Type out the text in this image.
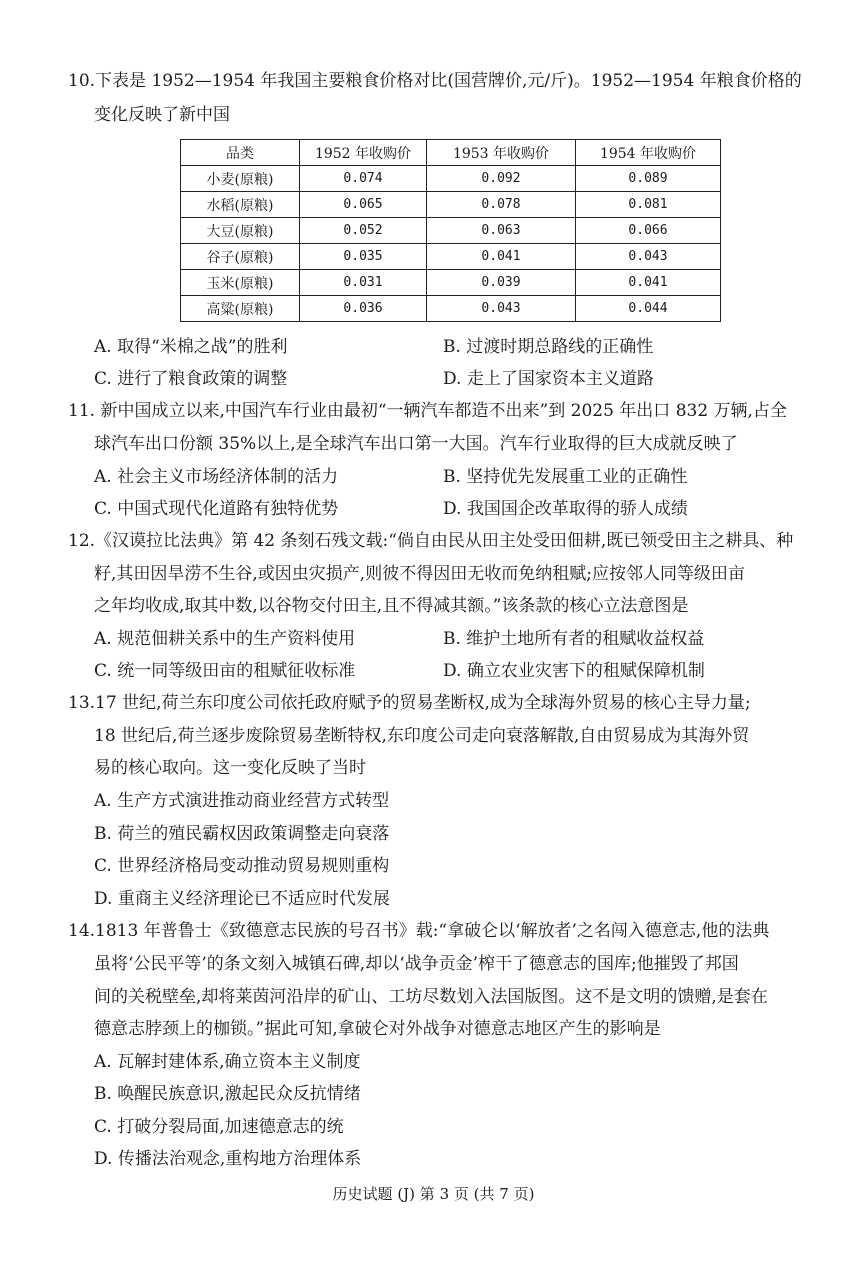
10.下表是 1952—1954 年我国主要粮食价格对比(国营牌价,元/斤)。1952—1954 年粮食价格的
变化反映了新中国
品类	1952 年收购价	1953 年收购价	1954 年收购价
小麦(原粮)	0.074	0.092	0.089
水稻(原粮)	0.065	0.078	0.081
大豆(原粮)	0.052	0.063	0.066
谷子(原粮)	0.035	0.041	0.043
玉米(原粮)	0.031	0.039	0.041
高粱(原粮)	0.036	0.043	0.044
A. 取得“米棉之战”的胜利	B. 过渡时期总路线的正确性
C. 进行了粮食政策的调整	D. 走上了国家资本主义道路
11. 新中国成立以来,中国汽车行业由最初“一辆汽车都造不出来”到 2025 年出口 832 万辆,占全
球汽车出口份额 35%以上,是全球汽车出口第一大国。汽车行业取得的巨大成就反映了
A. 社会主义市场经济体制的活力	B. 坚持优先发展重工业的正确性
C. 中国式现代化道路有独特优势	D. 我国国企改革取得的骄人成绩
12.《汉谟拉比法典》第 42 条刻石残文载:“倘自由民从田主处受田佃耕,既已领受田主之耕具、种
籽,其田因旱涝不生谷,或因虫灾损产,则彼不得因田无收而免纳租赋;应按邻人同等级田亩
之年均收成,取其中数,以谷物交付田主,且不得减其额。”该条款的核心立法意图是
A. 规范佃耕关系中的生产资料使用	B. 维护土地所有者的租赋收益权益
C. 统一同等级田亩的租赋征收标准	D. 确立农业灾害下的租赋保障机制
13.17 世纪,荷兰东印度公司依托政府赋予的贸易垄断权,成为全球海外贸易的核心主导力量;
18 世纪后,荷兰逐步废除贸易垄断特权,东印度公司走向衰落解散,自由贸易成为其海外贸
易的核心取向。这一变化反映了当时
A. 生产方式演进推动商业经营方式转型
B. 荷兰的殖民霸权因政策调整走向衰落
C. 世界经济格局变动推动贸易规则重构
D. 重商主义经济理论已不适应时代发展
14.1813 年普鲁士《致德意志民族的号召书》载:“拿破仑以‘解放者’之名闯入德意志,他的法典
虽将‘公民平等’的条文刻入城镇石碑,却以‘战争贡金’榨干了德意志的国库;他摧毁了邦国
间的关税壁垒,却将莱茵河沿岸的矿山、工坊尽数划入法国版图。这不是文明的馈赠,是套在
德意志脖颈上的枷锁。”据此可知,拿破仑对外战争对德意志地区产生的影响是
A. 瓦解封建体系,确立资本主义制度
B. 唤醒民族意识,激起民众反抗情绪
C. 打破分裂局面,加速德意志的统
D. 传播法治观念,重构地方治理体系
历史试题 (J) 第 3 页 (共 7 页)
